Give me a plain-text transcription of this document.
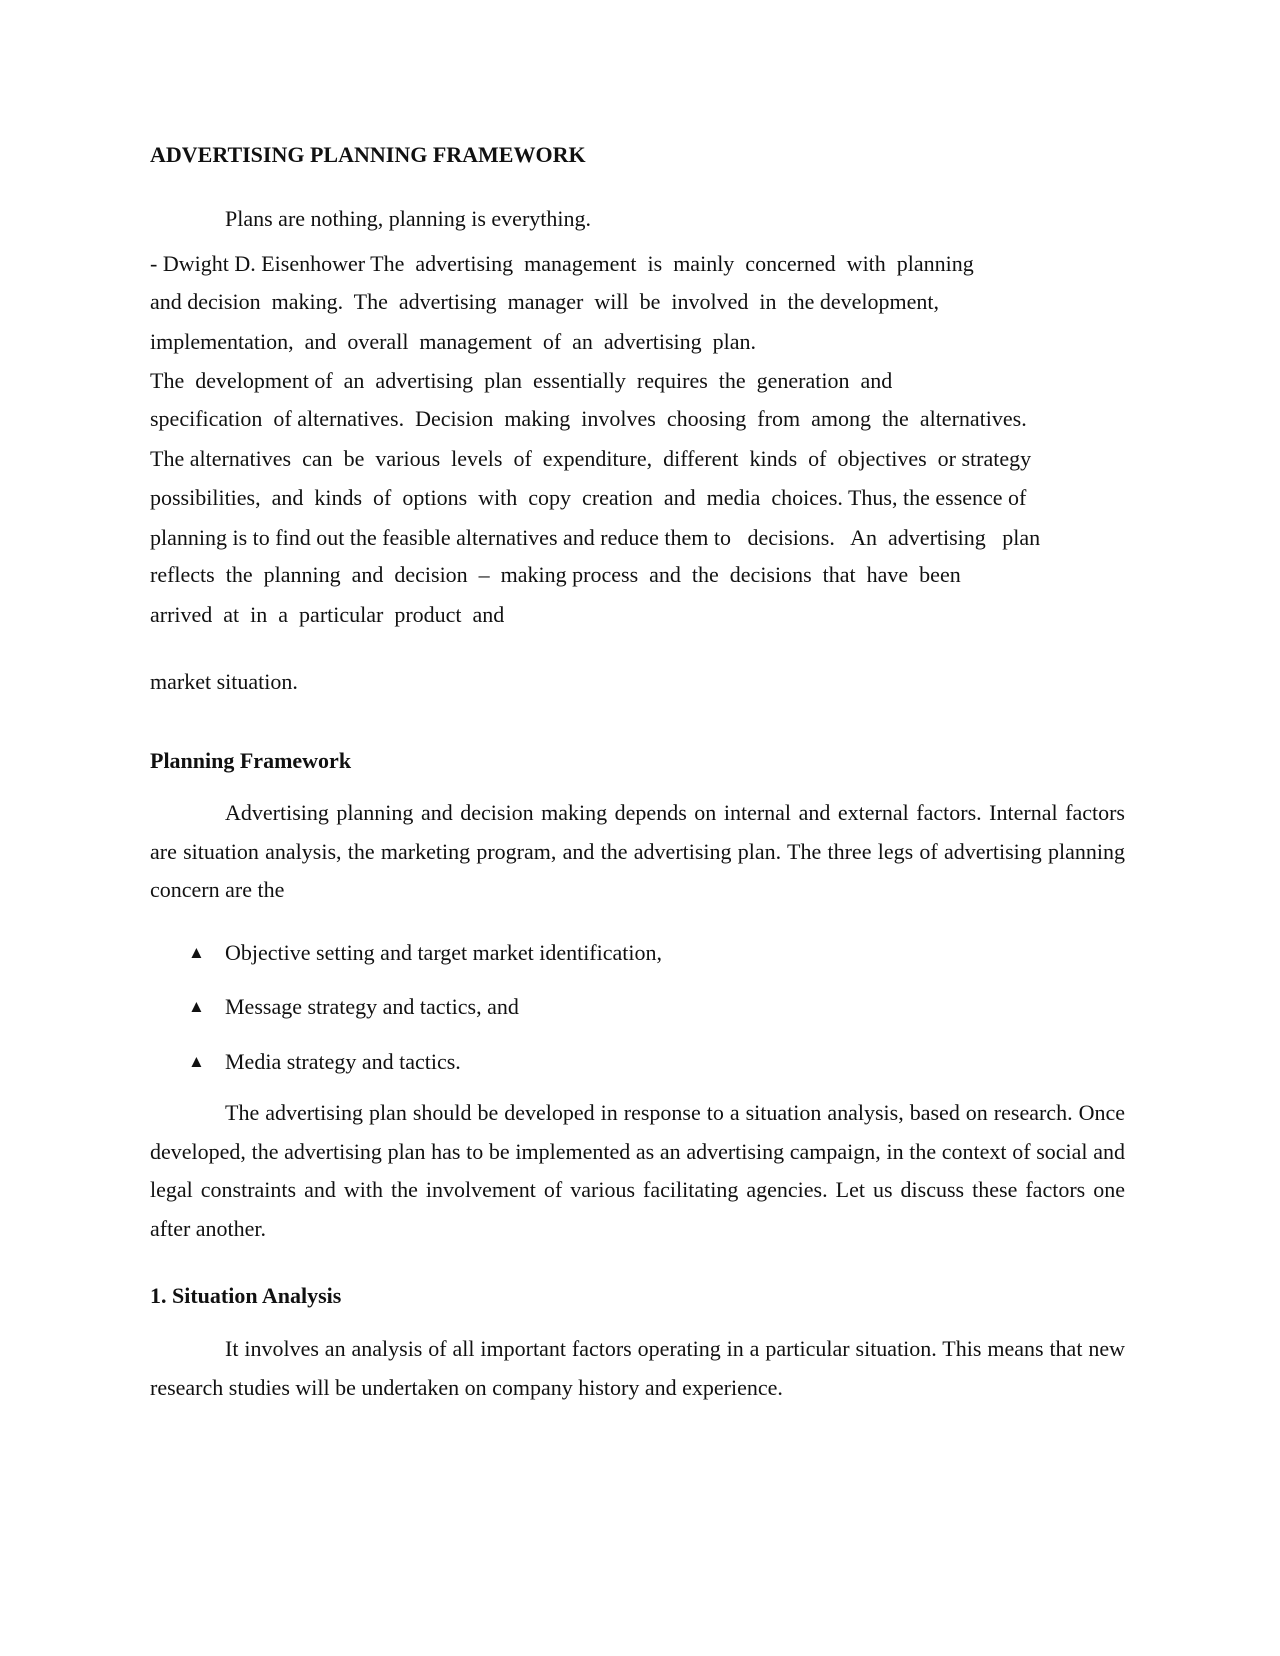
ADVERTISING PLANNING FRAMEWORK
Plans are nothing, planning is everything.
- Dwight D. Eisenhower The  advertising  management  is  mainly  concerned  with  planning
and decision  making.  The  advertising  manager  will  be  involved  in  the development,
implementation,  and  overall  management  of  an  advertising  plan.
The  development of  an  advertising  plan  essentially  requires  the  generation  and
specification  of alternatives.  Decision  making  involves  choosing  from  among  the  alternatives.
The alternatives  can  be  various  levels  of  expenditure,  different  kinds  of  objectives  or strategy
possibilities,  and  kinds  of  options  with  copy  creation  and  media  choices. Thus, the essence of
planning is to find out the feasible alternatives and reduce them to   decisions.   An  advertising   plan
reflects  the  planning  and  decision  –  making process  and  the  decisions  that  have  been
arrived  at  in  a  particular  product  and
market situation.
Planning Framework

Advertising planning and decision making depends on internal and external factors. Internal factors are situation analysis, the marketing program, and the advertising plan. The three legs of advertising planning concern are the

▲ Objective setting and target market identification,
▲ Message strategy and tactics, and
▲ Media strategy and tactics.

The advertising plan should be developed in response to a situation analysis, based on research. Once developed, the advertising plan has to be implemented as an advertising campaign, in the context of social and legal constraints and with the involvement of various facilitating agencies. Let us discuss these factors one after another.

1. Situation Analysis

It involves an analysis of all important factors operating in a particular situation. This means that new research studies will be undertaken on company history and experience.
